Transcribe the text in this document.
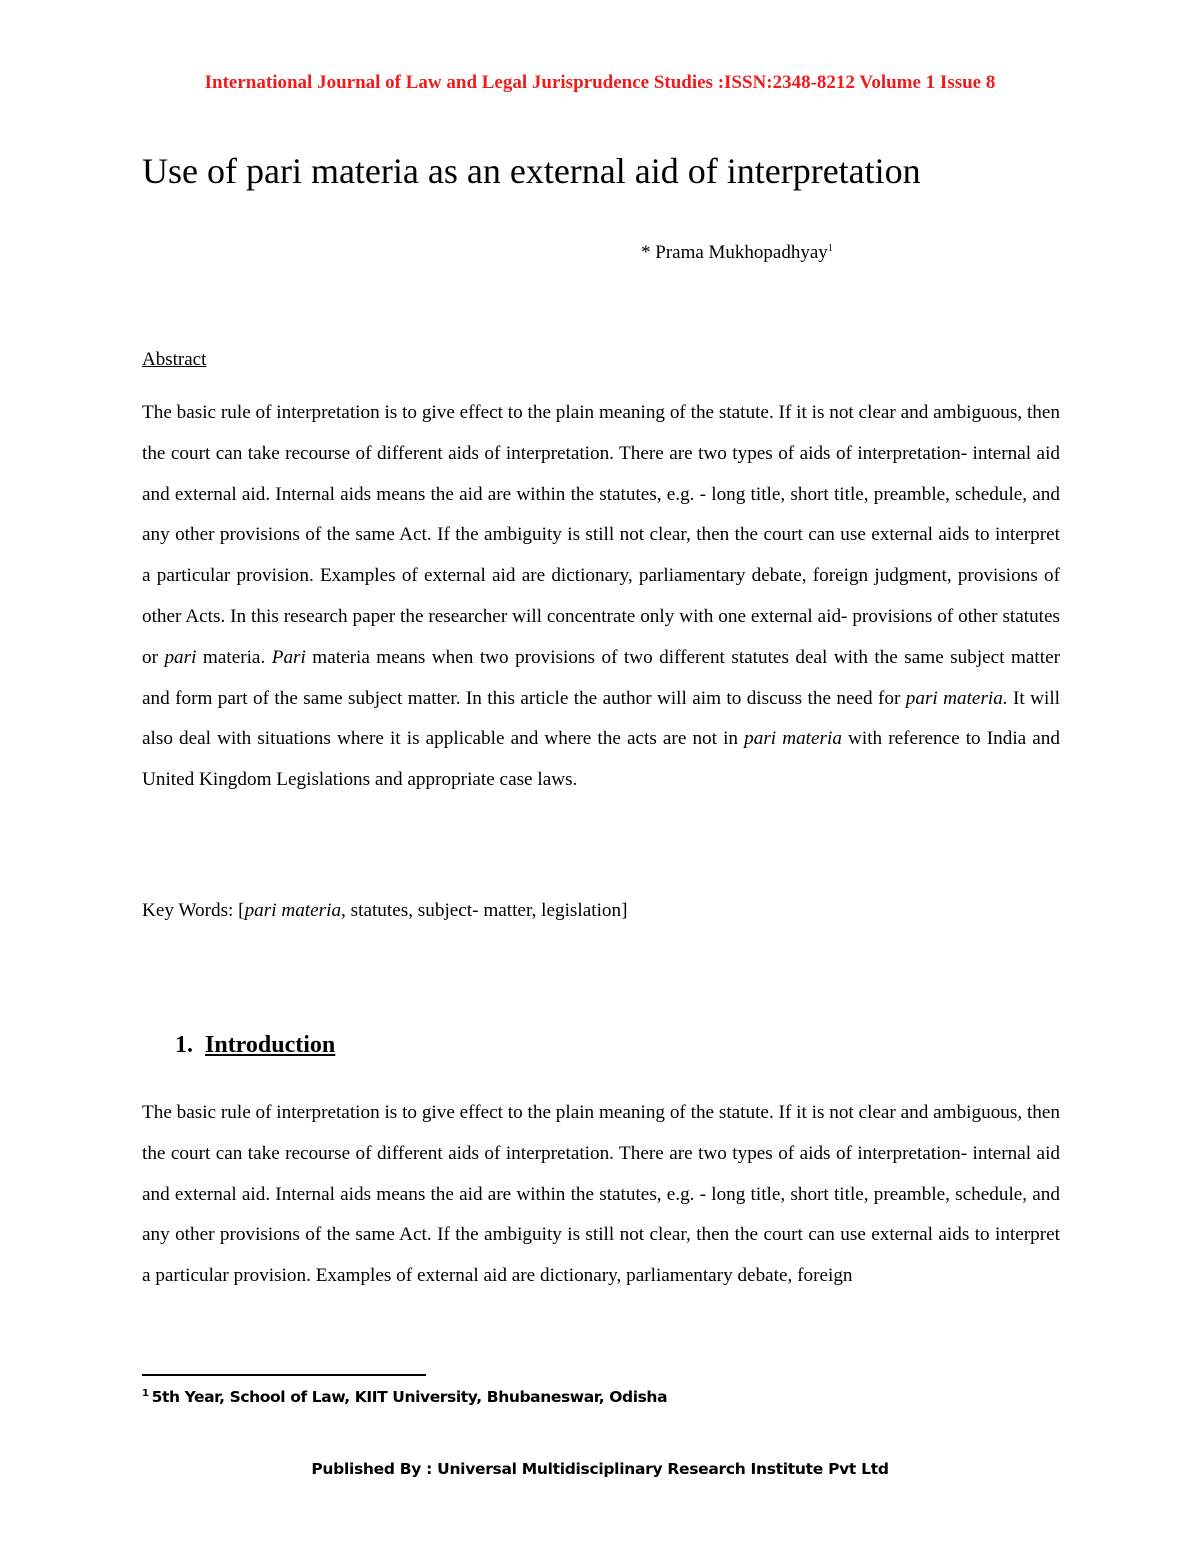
International Journal of Law and Legal Jurisprudence Studies :ISSN:2348-8212 Volume 1 Issue 8
Use of pari materia as an external aid of interpretation
* Prama Mukhopadhyay$^1$
Abstract
The basic rule of interpretation is to give effect to the plain meaning of the statute. If it is not clear and ambiguous, then the court can take recourse of different aids of interpretation. There are two types of aids of interpretation- internal aid and external aid. Internal aids means the aid are within the statutes, e.g. - long title, short title, preamble, schedule, and any other provisions of the same Act. If the ambiguity is still not clear, then the court can use external aids to interpret a particular provision. Examples of external aid are dictionary, parliamentary debate, foreign judgment, provisions of other Acts. In this research paper the researcher will concentrate only with one external aid- provisions of other statutes or pari materia. Pari materia means when two provisions of two different statutes deal with the same subject matter and form part of the same subject matter. In this article the author will aim to discuss the need for pari materia. It will also deal with situations where it is applicable and where the acts are not in pari materia with reference to India and United Kingdom Legislations and appropriate case laws.
Key Words: [pari materia, statutes, subject- matter, legislation]
1. Introduction
The basic rule of interpretation is to give effect to the plain meaning of the statute. If it is not clear and ambiguous, then the court can take recourse of different aids of interpretation. There are two types of aids of interpretation- internal aid and external aid. Internal aids means the aid are within the statutes, e.g. - long title, short title, preamble, schedule, and any other provisions of the same Act. If the ambiguity is still not clear, then the court can use external aids to interpret a particular provision. Examples of external aid are dictionary, parliamentary debate, foreign
$^1$ 5th Year, School of Law, KIIT University, Bhubaneswar, Odisha
Published By : Universal Multidisciplinary Research Institute Pvt Ltd
